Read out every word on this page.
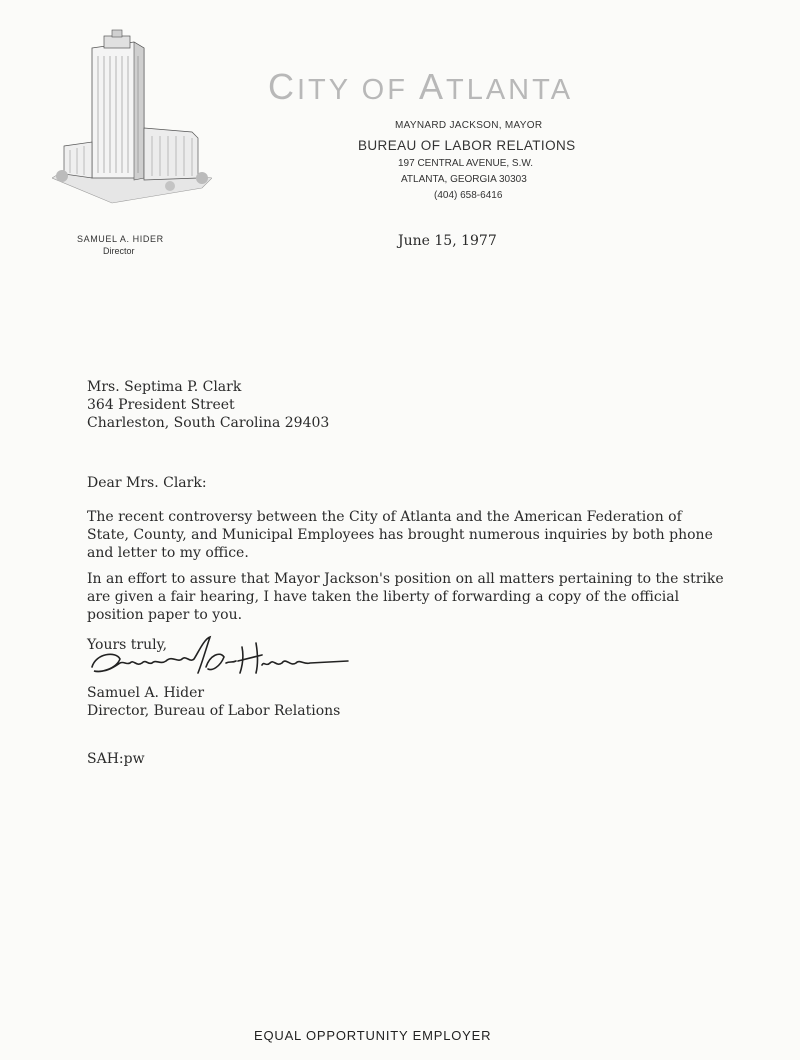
CITY OF ATLANTA
MAYNARD JACKSON, MAYOR
BUREAU OF LABOR RELATIONS
197 CENTRAL AVENUE, S.W.
ATLANTA, GEORGIA 30303
(404) 658-6416
SAMUEL A. HIDER
Director
June 15, 1977
Mrs. Septima P. Clark
364 President Street
Charleston, South Carolina 29403
Dear Mrs. Clark:
The recent controversy between the City of Atlanta and the American Federation of State, County, and Municipal Employees has brought numerous inquiries by both phone and letter to my office.
In an effort to assure that Mayor Jackson's position on all matters pertaining to the strike are given a fair hearing, I have taken the liberty of forwarding a copy of the official position paper to you.
Yours truly,
Samuel A. Hider
Director, Bureau of Labor Relations
SAH:pw
EQUAL OPPORTUNITY EMPLOYER
